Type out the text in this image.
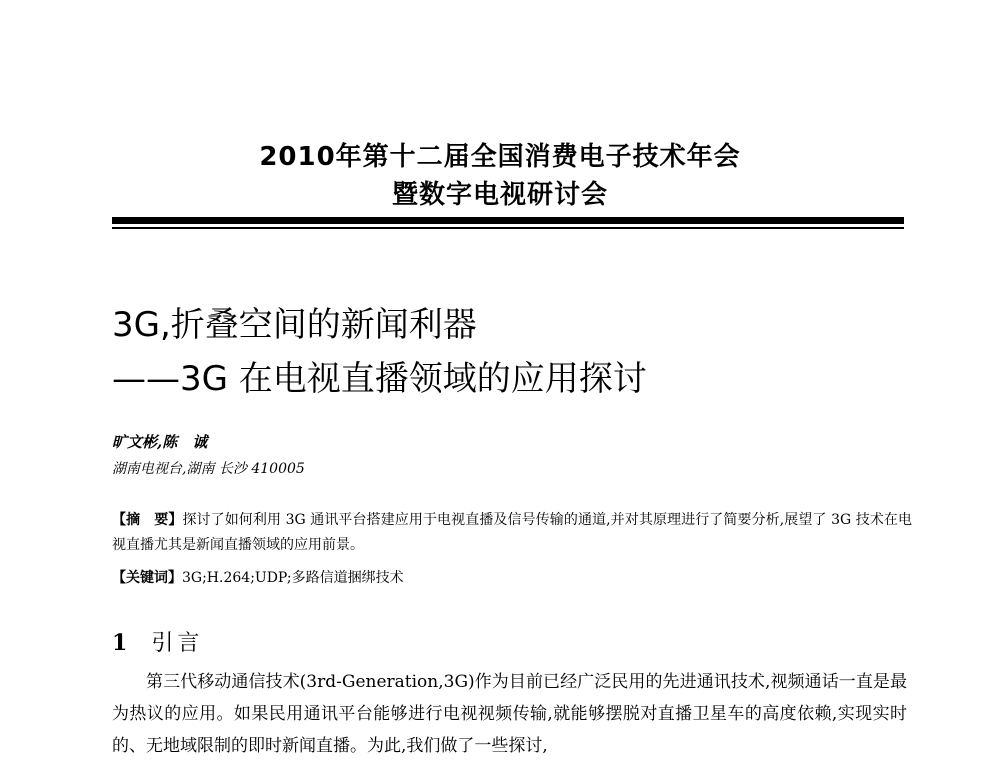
2010年第十二届全国消费电子技术年会
暨数字电视研讨会
3G,折叠空间的新闻利器
——3G 在电视直播领域的应用探讨
旷文彬,陈　诚
湖南电视台,湖南 长沙 410005
【摘　要】探讨了如何利用 3G 通讯平台搭建应用于电视直播及信号传输的通道,并对其原理进行了简要分析,展望了 3G 技术在电视直播尤其是新闻直播领域的应用前景。
【关键词】3G;H.264;UDP;多路信道捆绑技术
1 引言

第三代移动通信技术(3rd-Generation,3G)作为目前已经广泛民用的先进通讯技术,视频通话一直是最为热议的应用。如果民用通讯平台能够进行电视视频传输,就能够摆脱对直播卫星车的高度依赖,实现实时的、无地域限制的即时新闻直播。为此,我们做了一些探讨,
